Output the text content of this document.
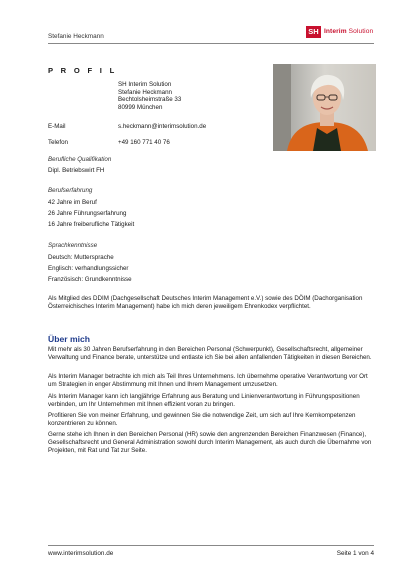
Stefanie Heckmann
SH Interim Solution
P R O F I L
SH Interim Solution
Stefanie Heckmann
Bechtolsheimstraße 33
80999 München
E-Mail	s.heckmann@interimsolution.de
Telefon	+49 160 771 40 76
Berufliche Qualifikation
Dipl. Betriebswirt FH
Berufserfahrung
42 Jahre im Beruf
26 Jahre Führungserfahrung
16 Jahre freiberufliche Tätigkeit
Sprachkenntnisse
Deutsch: Muttersprache
Englisch: verhandlungssicher
Französisch: Grundkenntnisse
Als Mitglied des DDIM (Dachgesellschaft Deutsches Interim Management e.V.) sowie des DÖIM (Dachorganisation Österreichisches Interim Management) habe ich mich deren jeweiligem Ehrenkodex verpflichtet.
Über mich
Mit mehr als 30 Jahren Berufserfahrung in den Bereichen Personal (Schwerpunkt), Gesellschaftsrecht, allgemeiner Verwaltung und Finance berate, unterstütze und entlaste ich Sie bei allen anfallenden Tätigkeiten in diesen Bereichen.
Als Interim Manager betrachte ich mich als Teil Ihres Unternehmens. Ich übernehme operative Verantwortung vor Ort um Strategien in enger Abstimmung mit Ihnen und Ihrem Management umzusetzen.
Als Interim Manager kann ich langjährige Erfahrung aus Beratung und Linienverantwortung in Führungspositionen verbinden, um Ihr Unternehmen mit Ihnen effizient voran zu bringen.
Profitieren Sie von meiner Erfahrung, und gewinnen Sie die notwendige Zeit, um sich auf Ihre Kernkompetenzen konzentrieren zu können.
Gerne stehe ich Ihnen in den Bereichen Personal (HR) sowie den angrenzenden Bereichen Finanzwesen (Finance), Gesellschaftsrecht und General Administration sowohl durch Interim Management, als auch durch die Übernahme von Projekten, mit Rat und Tat zur Seite.
www.interimsolution.de	Seite 1 von 4
